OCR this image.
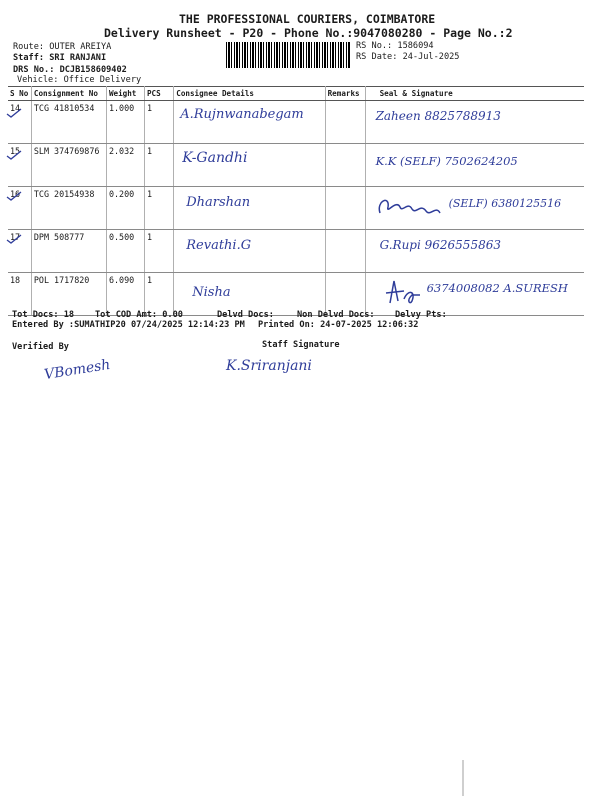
THE PROFESSIONAL COURIERS, COIMBATORE
Delivery Runsheet - P20 - Phone No.:9047080280 - Page No.:2
Route: OUTER AREIYA
Staff: SRI RANJANI
DRS No.: DCJB158609402
Vehicle: Office Delivery
RS No.: 1586094
RS Date: 24-Jul-2025
S No	Consignment No	Weight	PCS	Consignee Details	Remarks	Seal & Signature
14	TCG 41810534	1.000	1	A.Rujnwanabegam		Zaheen 8825788913
15	SLM 374769876	2.032	1	K-Gandhi		K.K (SELF) 7502624205
16	TCG 20154938	0.200	1	Dharshan		(SELF) 6380125516
17	DPM 508777	0.500	1	Revathi.G		G.Rupi 9626555863
18	POL 1717820	6.090	1	Nisha		6374008082 A.SURESH
Tot Docs: 18 Tot COD Amt: 0.00	Delvd Docs:	Non Delvd Docs: Delvy Pts:
Entered By :SUMATHIP20 07/24/2025 12:14:23 PM Printed On: 24-07-2025 12:06:32
Verified By	Staff Signature
VBomesh	K.Sriranjani
